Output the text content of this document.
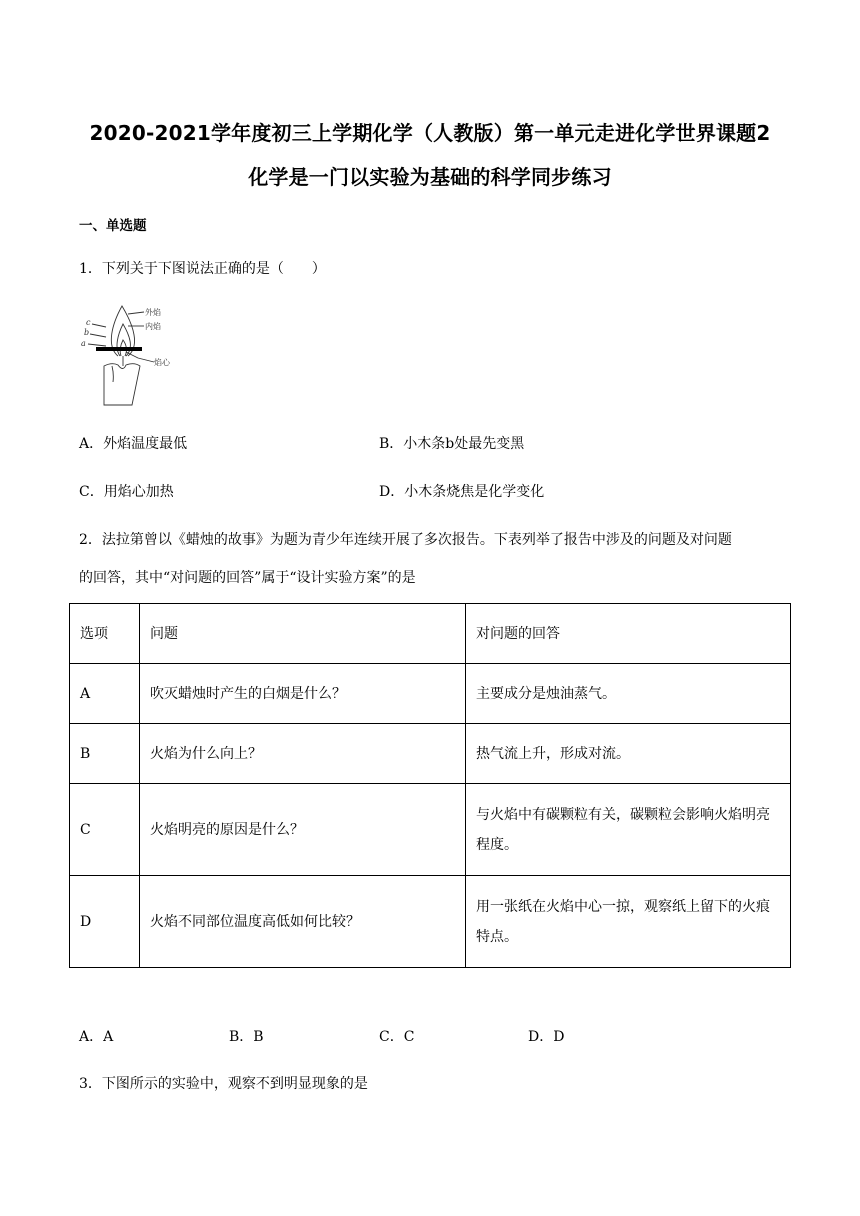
2020-2021学年度初三上学期化学（人教版）第一单元走进化学世界课题2
化学是一门以实验为基础的科学同步练习
一、单选题
1．下列关于下图说法正确的是（　　）
外焰
内焰
焰心
c
b
a
A．外焰温度最低	B．小木条b处最先变黑
C．用焰心加热	D．小木条烧焦是化学变化
2．法拉第曾以《蜡烛的故事》为题为青少年连续开展了多次报告。下表列举了报告中涉及的问题及对问题
的回答，其中“对问题的回答”属于“设计实验方案”的是
选项	问题	对问题的回答
A	吹灭蜡烛时产生的白烟是什么？	主要成分是烛油蒸气。
B	火焰为什么向上？	热气流上升，形成对流。
C	火焰明亮的原因是什么？	与火焰中有碳颗粒有关，碳颗粒会影响火焰明亮程度。
D	火焰不同部位温度高低如何比较？	用一张纸在火焰中心一掠，观察纸上留下的火痕特点。
A．A	B．B	C．C	D．D
3．下图所示的实验中，观察不到明显现象的是
